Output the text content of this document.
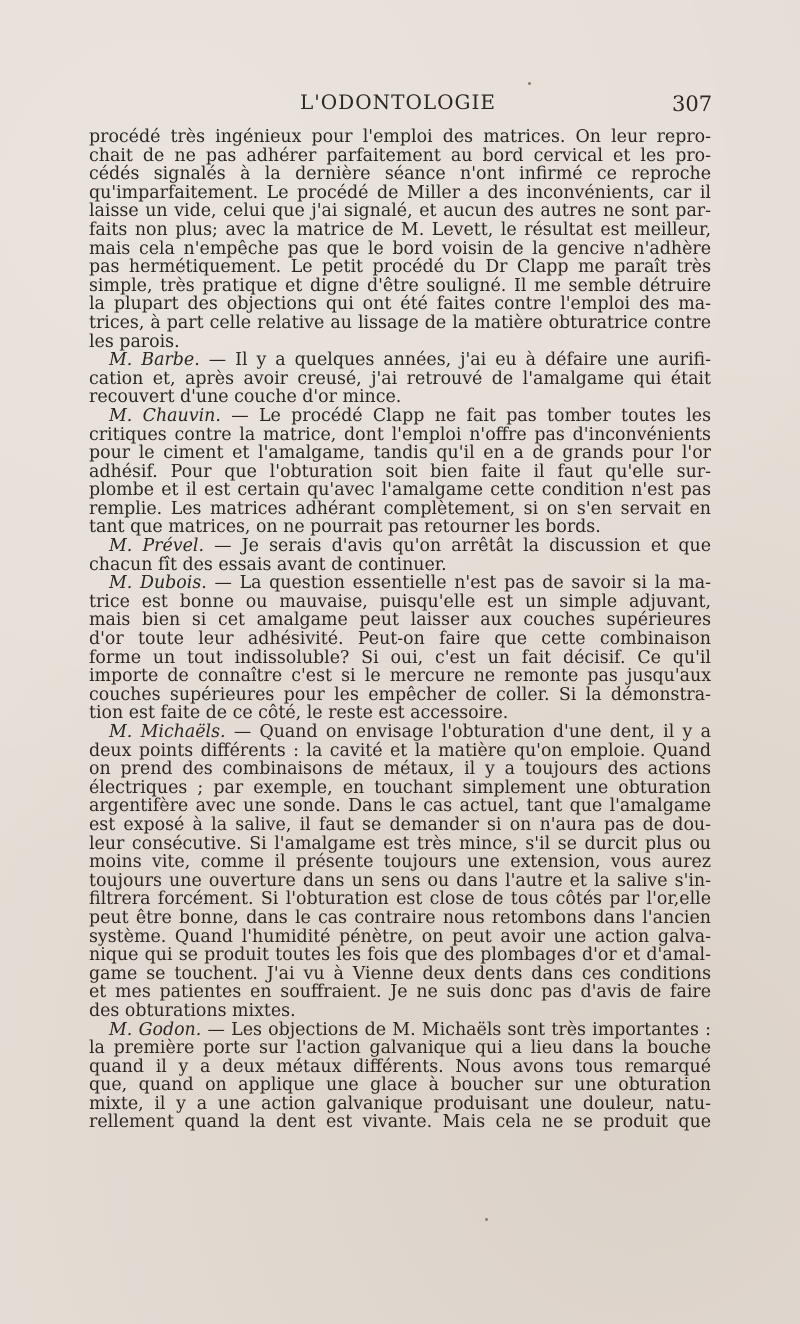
L'ODONTOLOGIE	307
procédé très ingénieux pour l'emploi des matrices. On leur repro-
chait de ne pas adhérer parfaitement au bord cervical et les pro-
cédés signalés à la dernière séance n'ont infirmé ce reproche
qu'imparfaitement. Le procédé de Miller a des inconvénients, car il
laisse un vide, celui que j'ai signalé, et aucun des autres ne sont par-
faits non plus; avec la matrice de M. Levett, le résultat est meilleur,
mais cela n'empêche pas que le bord voisin de la gencive n'adhère
pas hermétiquement. Le petit procédé du Dr Clapp me paraît très
simple, très pratique et digne d'être souligné. Il me semble détruire
la plupart des objections qui ont été faites contre l'emploi des ma-
trices, à part celle relative au lissage de la matière obturatrice contre
les parois.
M. Barbe. — Il y a quelques années, j'ai eu à défaire une aurifi-
cation et, après avoir creusé, j'ai retrouvé de l'amalgame qui était
recouvert d'une couche d'or mince.
M. Chauvin. — Le procédé Clapp ne fait pas tomber toutes les
critiques contre la matrice, dont l'emploi n'offre pas d'inconvénients
pour le ciment et l'amalgame, tandis qu'il en a de grands pour l'or
adhésif. Pour que l'obturation soit bien faite il faut qu'elle sur-
plombe et il est certain qu'avec l'amalgame cette condition n'est pas
remplie. Les matrices adhérant complètement, si on s'en servait en
tant que matrices, on ne pourrait pas retourner les bords.
M. Prével. — Je serais d'avis qu'on arrêtât la discussion et que
chacun fît des essais avant de continuer.
M. Dubois. — La question essentielle n'est pas de savoir si la ma-
trice est bonne ou mauvaise, puisqu'elle est un simple adjuvant,
mais bien si cet amalgame peut laisser aux couches supérieures
d'or toute leur adhésivité. Peut-on faire que cette combinaison
forme un tout indissoluble? Si oui, c'est un fait décisif. Ce qu'il
importe de connaître c'est si le mercure ne remonte pas jusqu'aux
couches supérieures pour les empêcher de coller. Si la démonstra-
tion est faite de ce côté, le reste est accessoire.
M. Michaëls. — Quand on envisage l'obturation d'une dent, il y a
deux points différents : la cavité et la matière qu'on emploie. Quand
on prend des combinaisons de métaux, il y a toujours des actions
électriques ; par exemple, en touchant simplement une obturation
argentifère avec une sonde. Dans le cas actuel, tant que l'amalgame
est exposé à la salive, il faut se demander si on n'aura pas de dou-
leur consécutive. Si l'amalgame est très mince, s'il se durcit plus ou
moins vite, comme il présente toujours une extension, vous aurez
toujours une ouverture dans un sens ou dans l'autre et la salive s'in-
filtrera forcément. Si l'obturation est close de tous côtés par l'or,elle
peut être bonne, dans le cas contraire nous retombons dans l'ancien
système. Quand l'humidité pénètre, on peut avoir une action galva-
nique qui se produit toutes les fois que des plombages d'or et d'amal-
game se touchent. J'ai vu à Vienne deux dents dans ces conditions
et mes patientes en souffraient. Je ne suis donc pas d'avis de faire
des obturations mixtes.
M. Godon. — Les objections de M. Michaëls sont très importantes :
la première porte sur l'action galvanique qui a lieu dans la bouche
quand il y a deux métaux différents. Nous avons tous remarqué
que, quand on applique une glace à boucher sur une obturation
mixte, il y a une action galvanique produisant une douleur, natu-
rellement quand la dent est vivante. Mais cela ne se produit que
